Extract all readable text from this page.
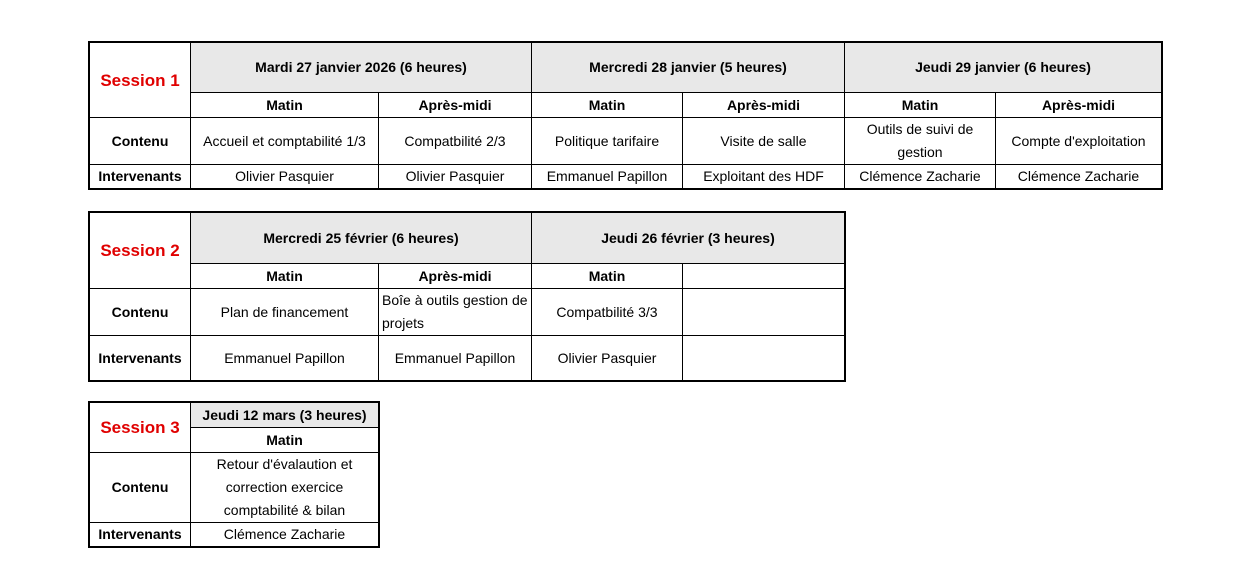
Session 1	Mardi 27 janvier 2026 (6 heures)		Mercredi 28 janvier (5 heures)		Jeudi 29 janvier (6 heures)	
	Matin	Après-midi	Matin	Après-midi	Matin	Après-midi
Contenu	Accueil et comptabilité 1/3	Compatbilité 2/3	Politique tarifaire	Visite de salle	Outils de suivi de gestion	Compte d'exploitation
Intervenants	Olivier Pasquier	Olivier Pasquier	Emmanuel Papillon	Exploitant des HDF	Clémence Zacharie	Clémence Zacharie
Session 2	Mercredi 25 février (6 heures)		Jeudi 26 février (3 heures)	
	Matin	Après-midi	Matin	
Contenu	Plan de financement	Boîe à outils gestion de projets	Compatbilité 3/3	
Intervenants	Emmanuel Papillon	Emmanuel Papillon	Olivier Pasquier	
Session 3	Jeudi 12 mars (3 heures)
	Matin
Contenu	Retour d'évalaution et correction exercice comptabilité & bilan
Intervenants	Clémence Zacharie
